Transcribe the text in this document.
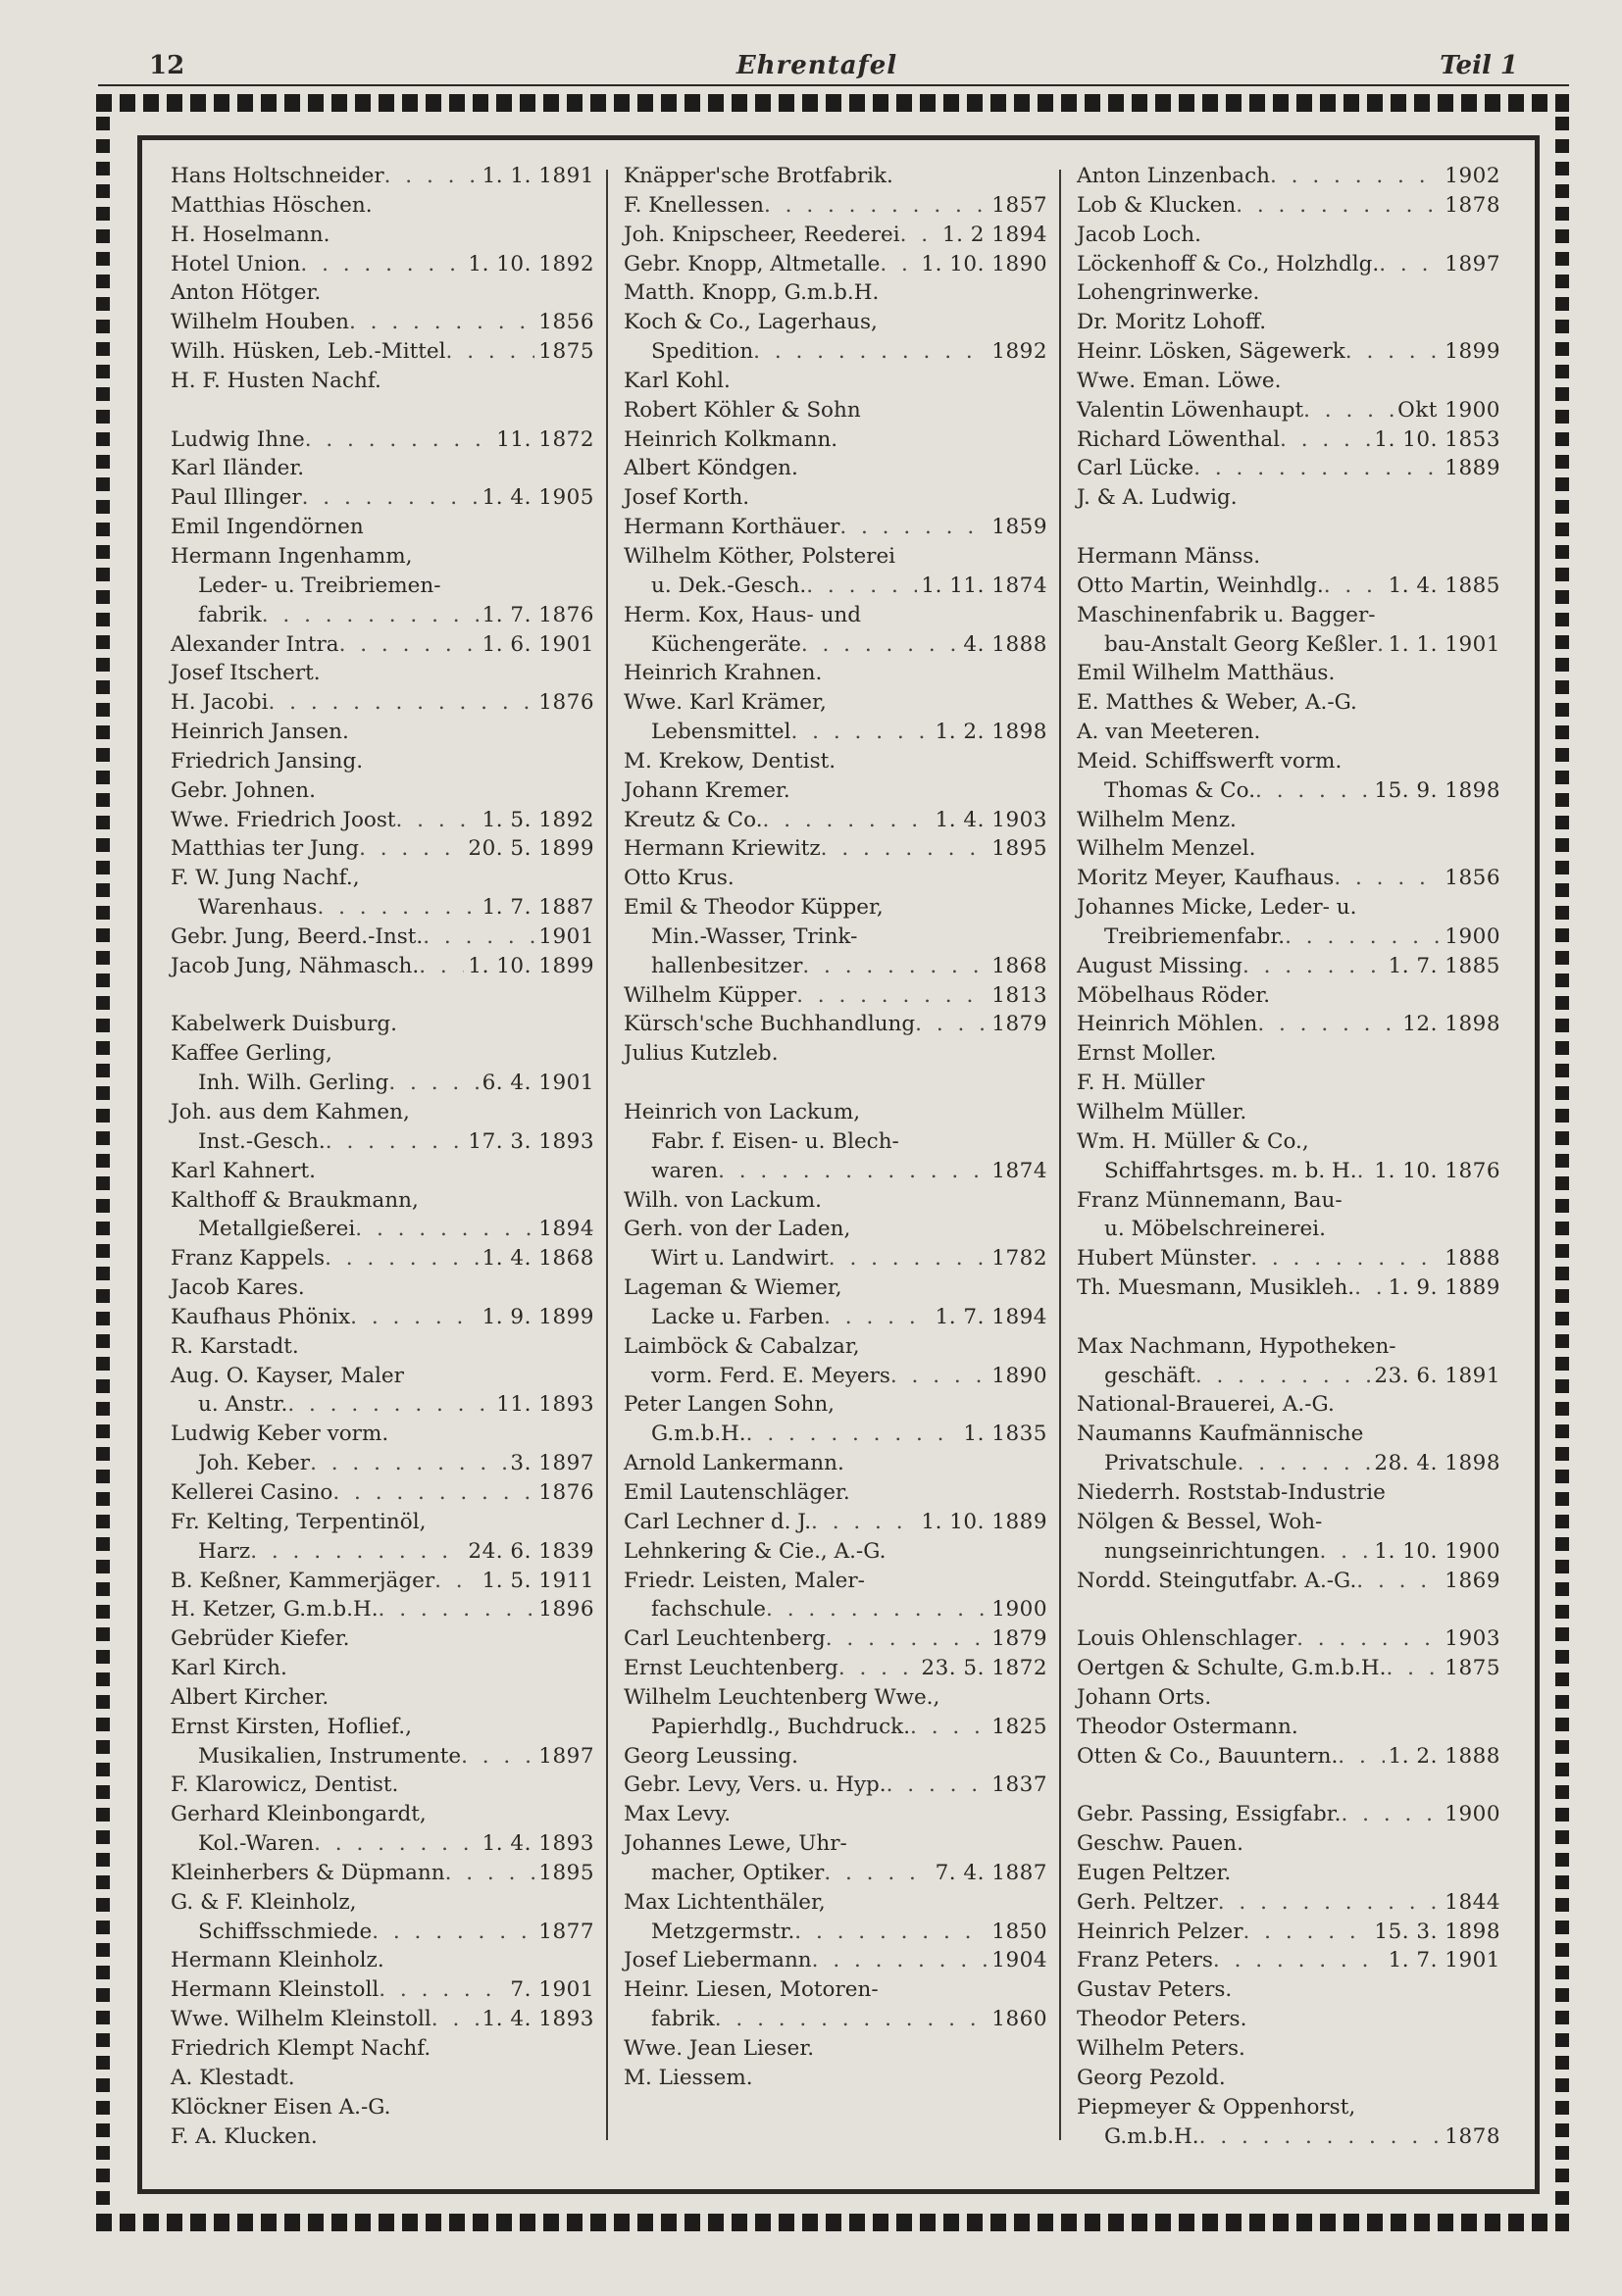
12	Ehrentafel	Teil 1
Hans Holtschneider . . .	1. 1. 1891
Matthias Höschen.
H. Hoselmann.
Hotel Union . . .	1. 10. 1892
Anton Hötger.
Wilhelm Houben . . .	1856
Wilh. Hüsken, Leb.-Mittel . . .	1875
H. F. Husten Nachf.
Ludwig Ihne . . .	11. 1872
Karl Iländer.
Paul Illinger . . .	1. 4. 1905
Emil Ingendörnen
Hermann Ingenhamm,
Leder- u. Treibriemen-
fabrik . . .	1. 7. 1876
Alexander Intra . . .	1. 6. 1901
Josef Itschert.
H. Jacobi . . .	1876
Heinrich Jansen.
Friedrich Jansing.
Gebr. Johnen.
Wwe. Friedrich Joost . . .	1. 5. 1892
Matthias ter Jung . . .	20. 5. 1899
F. W. Jung Nachf.,
Warenhaus . . .	1. 7. 1887
Gebr. Jung, Beerd.-Inst. . . .	1901
Jacob Jung, Nähmasch. . . . 1. 10. 1899
Kabelwerk Duisburg.
Kaffee Gerling,
Inh. Wilh. Gerling . . .	6. 4. 1901
Joh. aus dem Kahmen,
Inst.-Gesch. . . .	17. 3. 1893
Karl Kahnert.
Kalthoff & Braukmann,
Metallgießerei . . .	1894
Franz Kappels . . .	1. 4. 1868
Jacob Kares.
Kaufhaus Phönix . . .	1. 9. 1899
R. Karstadt.
Aug. O. Kayser, Maler
u. Anstr. . . .	11. 1893
Ludwig Keber vorm.
Joh. Keber . . .	3. 1897
Kellerei Casino . . .	1876
Fr. Kelting, Terpentinöl,
Harz . . .	24. 6. 1839
B. Keßner, Kammerjäger . . . 1. 5. 1911
H. Ketzer, G.m.b.H. . . .	1896
Gebrüder Kiefer.
Karl Kirch.
Albert Kircher.
Ernst Kirsten, Hoflief.,
Musikalien, Instrumente . . .	1897
F. Klarowicz, Dentist.
Gerhard Kleinbongardt,
Kol.-Waren . . .	1. 4. 1893
Kleinherbers & Düpmann . . .	1895
G. & F. Kleinholz,
Schiffsschmiede . . .	1877
Hermann Kleinholz.
Hermann Kleinstoll . . .	7. 1901
Wwe. Wilhelm Kleinstoll . . . 1. 4. 1893
Friedrich Klempt Nachf.
A. Klestadt.
Klöckner Eisen A.-G.
F. A. Klucken.
Knäpper'sche Brotfabrik.
F. Knellessen . . .	1857
Joh. Knipscheer, Reederei . . . 1. 2 1894
Gebr. Knopp, Altmetalle . . . 1. 10. 1890
Matth. Knopp, G.m.b.H.
Koch & Co., Lagerhaus,
Spedition . . .	1892
Karl Kohl.
Robert Köhler & Sohn
Heinrich Kolkmann.
Albert Köndgen.
Josef Korth.
Hermann Korthäuer . . .	1859
Wilhelm Köther, Polsterei
u. Dek.-Gesch. . . .	1. 11. 1874
Herm. Kox, Haus- und
Küchengeräte . . .	4. 1888
Heinrich Krahnen.
Wwe. Karl Krämer,
Lebensmittel . . .	1. 2. 1898
M. Krekow, Dentist.
Johann Kremer.
Kreutz & Co. . . .	1. 4. 1903
Hermann Kriewitz . . .	1895
Otto Krus.
Emil & Theodor Küpper,
Min.-Wasser, Trink-
hallenbesitzer . . .	1868
Wilhelm Küpper . . .	1813
Kürsch'sche Buchhandlung . . .	1879
Julius Kutzleb.
Heinrich von Lackum,
Fabr. f. Eisen- u. Blech-
waren . . .	1874
Wilh. von Lackum.
Gerh. von der Laden,
Wirt u. Landwirt . . .	1782
Lageman & Wiemer,
Lacke u. Farben . . .	1. 7. 1894
Laimböck & Cabalzar,
vorm. Ferd. E. Meyers . . .	1890
Peter Langen Sohn,
G.m.b.H. . . .	1. 1835
Arnold Lankermann.
Emil Lautenschläger.
Carl Lechner d. J. . . .	1. 10. 1889
Lehnkering & Cie., A.-G.
Friedr. Leisten, Maler-
fachschule . . .	1900
Carl Leuchtenberg . . .	1879
Ernst Leuchtenberg . . .	23. 5. 1872
Wilhelm Leuchtenberg Wwe.,
Papierhdlg., Buchdruck. . . .	1825
Georg Leussing.
Gebr. Levy, Vers. u. Hyp. . . .	1837
Max Levy.
Johannes Lewe, Uhr-
macher, Optiker . . .	7. 4. 1887
Max Lichtenthäler,
Metzgermstr. . . .	1850
Josef Liebermann . . .	1904
Heinr. Liesen, Motoren-
fabrik . . .	1860
Wwe. Jean Lieser.
M. Liessem.
Anton Linzenbach . . .	1902
Lob & Klucken . . .	1878
Jacob Loch.
Löckenhoff & Co., Holzhdlg. . . .	1897
Lohengrinwerke.
Dr. Moritz Lohoff.
Heinr. Lösken, Sägewerk . . .	1899
Wwe. Eman. Löwe.
Valentin Löwenhaupt . . .	Okt 1900
Richard Löwenthal . . .	1. 10. 1853
Carl Lücke . . .	1889
J. & A. Ludwig.
Hermann Mänss.
Otto Martin, Weinhdlg. . . .	1. 4. 1885
Maschinenfabrik u. Bagger-
bau-Anstalt Georg Keßler . . . 1. 1. 1901
Emil Wilhelm Matthäus.
E. Matthes & Weber, A.-G.
A. van Meeteren.
Meid. Schiffswerft vorm.
Thomas & Co. . . .	15. 9. 1898
Wilhelm Menz.
Wilhelm Menzel.
Moritz Meyer, Kaufhaus . . .	1856
Johannes Micke, Leder- u.
Treibriemenfabr. . . .	1900
August Missing . . .	1. 7. 1885
Möbelhaus Röder.
Heinrich Möhlen . . .	12. 1898
Ernst Moller.
F. H. Müller
Wilhelm Müller.
Wm. H. Müller & Co.,
Schiffahrtsges. m. b. H. . . . 1. 10. 1876
Franz Münnemann, Bau-
u. Möbelschreinerei.
Hubert Münster . . .	1888
Th. Muesmann, Musikleh. . . . 1. 9. 1889
Max Nachmann, Hypotheken-
geschäft . . .	23. 6. 1891
National-Brauerei, A.-G.
Naumanns Kaufmännische
Privatschule . . .	28. 4. 1898
Niederrh. Roststab-Industrie
Nölgen & Bessel, Woh-
nungseinrichtungen . . .	1. 10. 1900
Nordd. Steingutfabr. A.-G. . . .	1869
Louis Ohlenschlager . . .	1903
Oertgen & Schulte, G.m.b.H. . . .	1875
Johann Orts.
Theodor Ostermann.
Otten & Co., Bauuntern. . . . 1. 2. 1888
Gebr. Passing, Essigfabr. . . .	1900
Geschw. Pauen.
Eugen Peltzer.
Gerh. Peltzer . . .	1844
Heinrich Pelzer . . .	15. 3. 1898
Franz Peters . . .	1. 7. 1901
Gustav Peters.
Theodor Peters.
Wilhelm Peters.
Georg Pezold.
Piepmeyer & Oppenhorst,
G.m.b.H. . . .	1878
